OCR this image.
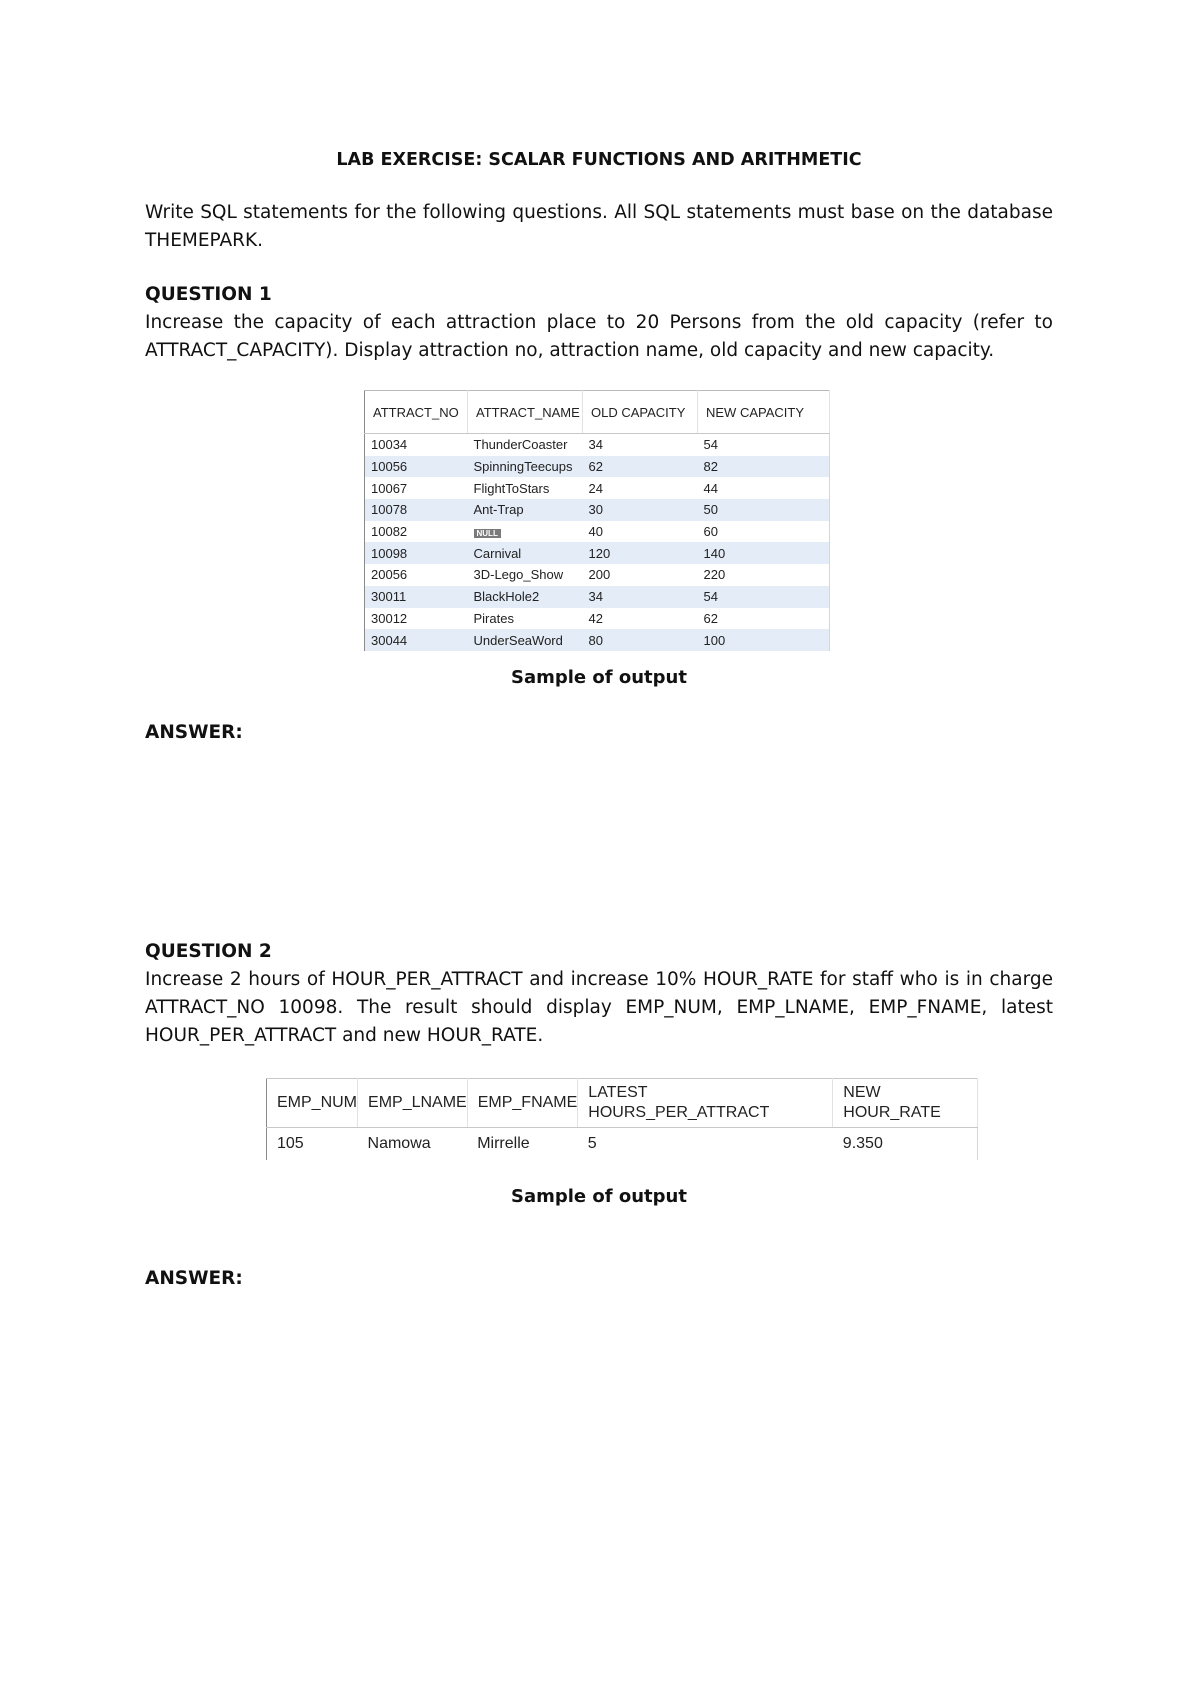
LAB EXERCISE: SCALAR FUNCTIONS AND ARITHMETIC
Write SQL statements for the following questions. All SQL statements must base on the database THEMEPARK.
QUESTION 1
Increase the capacity of each attraction place to 20 Persons from the old capacity (refer to ATTRACT_CAPACITY). Display attraction no, attraction name, old capacity and new capacity.
ATTRACT_NO	ATTRACT_NAME	OLD CAPACITY	NEW CAPACITY
10034	ThunderCoaster	34	54
10056	SpinningTeecups	62	82
10067	FlightToStars	24	44
10078	Ant-Trap	30	50
10082	NULL	40	60
10098	Carnival	120	140
20056	3D-Lego_Show	200	220
30011	BlackHole2	34	54
30012	Pirates	42	62
30044	UnderSeaWord	80	100
Sample of output
ANSWER:
QUESTION 2
Increase 2 hours of HOUR_PER_ATTRACT and increase 10% HOUR_RATE for staff who is in charge ATTRACT_NO 10098. The result should display EMP_NUM, EMP_LNAME, EMP_FNAME, latest HOUR_PER_ATTRACT and new HOUR_RATE.
EMP_NUM	EMP_LNAME	EMP_FNAME	LATEST HOURS_PER_ATTRACT	NEW HOUR_RATE
105	Namowa	Mirrelle	5	9.350
Sample of output
ANSWER:
